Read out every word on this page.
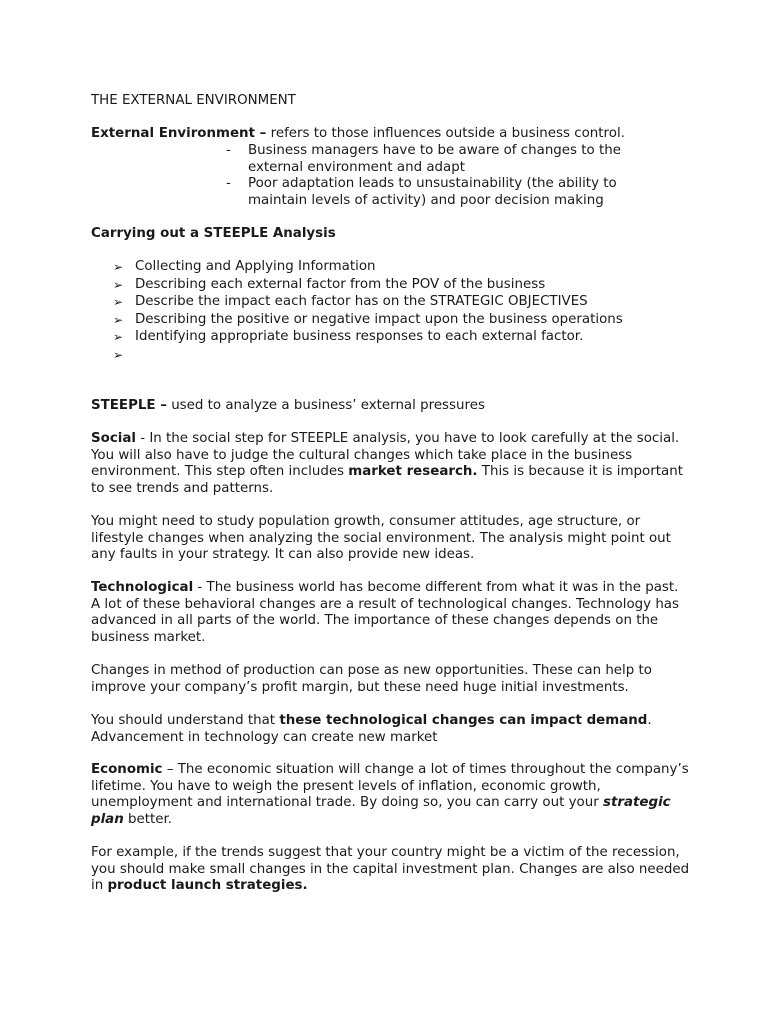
THE EXTERNAL ENVIRONMENT

External Environment – refers to those influences outside a business control.

- Business managers have to be aware of changes to the external environment and adapt
- Poor adaptation leads to unsustainability (the ability to maintain levels of activity) and poor decision making

Carrying out a STEEPLE Analysis

➢ Collecting and Applying Information
➢ Describing each external factor from the POV of the business
➢ Describe the impact each factor has on the STRATEGIC OBJECTIVES
➢ Describing the positive or negative impact upon the business operations
➢ Identifying appropriate business responses to each external factor.
➢

STEEPLE – used to analyze a business’ external pressures

Social - In the social step for STEEPLE analysis, you have to look carefully at the social. You will also have to judge the cultural changes which take place in the business environment. This step often includes market research. This is because it is important to see trends and patterns.

You might need to study population growth, consumer attitudes, age structure, or lifestyle changes when analyzing the social environment. The analysis might point out any faults in your strategy. It can also provide new ideas.

Technological - The business world has become different from what it was in the past. A lot of these behavioral changes are a result of technological changes. Technology has advanced in all parts of the world. The importance of these changes depends on the business market.

Changes in method of production can pose as new opportunities. These can help to improve your company’s profit margin, but these need huge initial investments.

You should understand that these technological changes can impact demand. Advancement in technology can create new market

Economic – The economic situation will change a lot of times throughout the company’s lifetime. You have to weigh the present levels of inflation, economic growth, unemployment and international trade. By doing so, you can carry out your strategic plan better.

For example, if the trends suggest that your country might be a victim of the recession, you should make small changes in the capital investment plan. Changes are also needed in product launch strategies.
